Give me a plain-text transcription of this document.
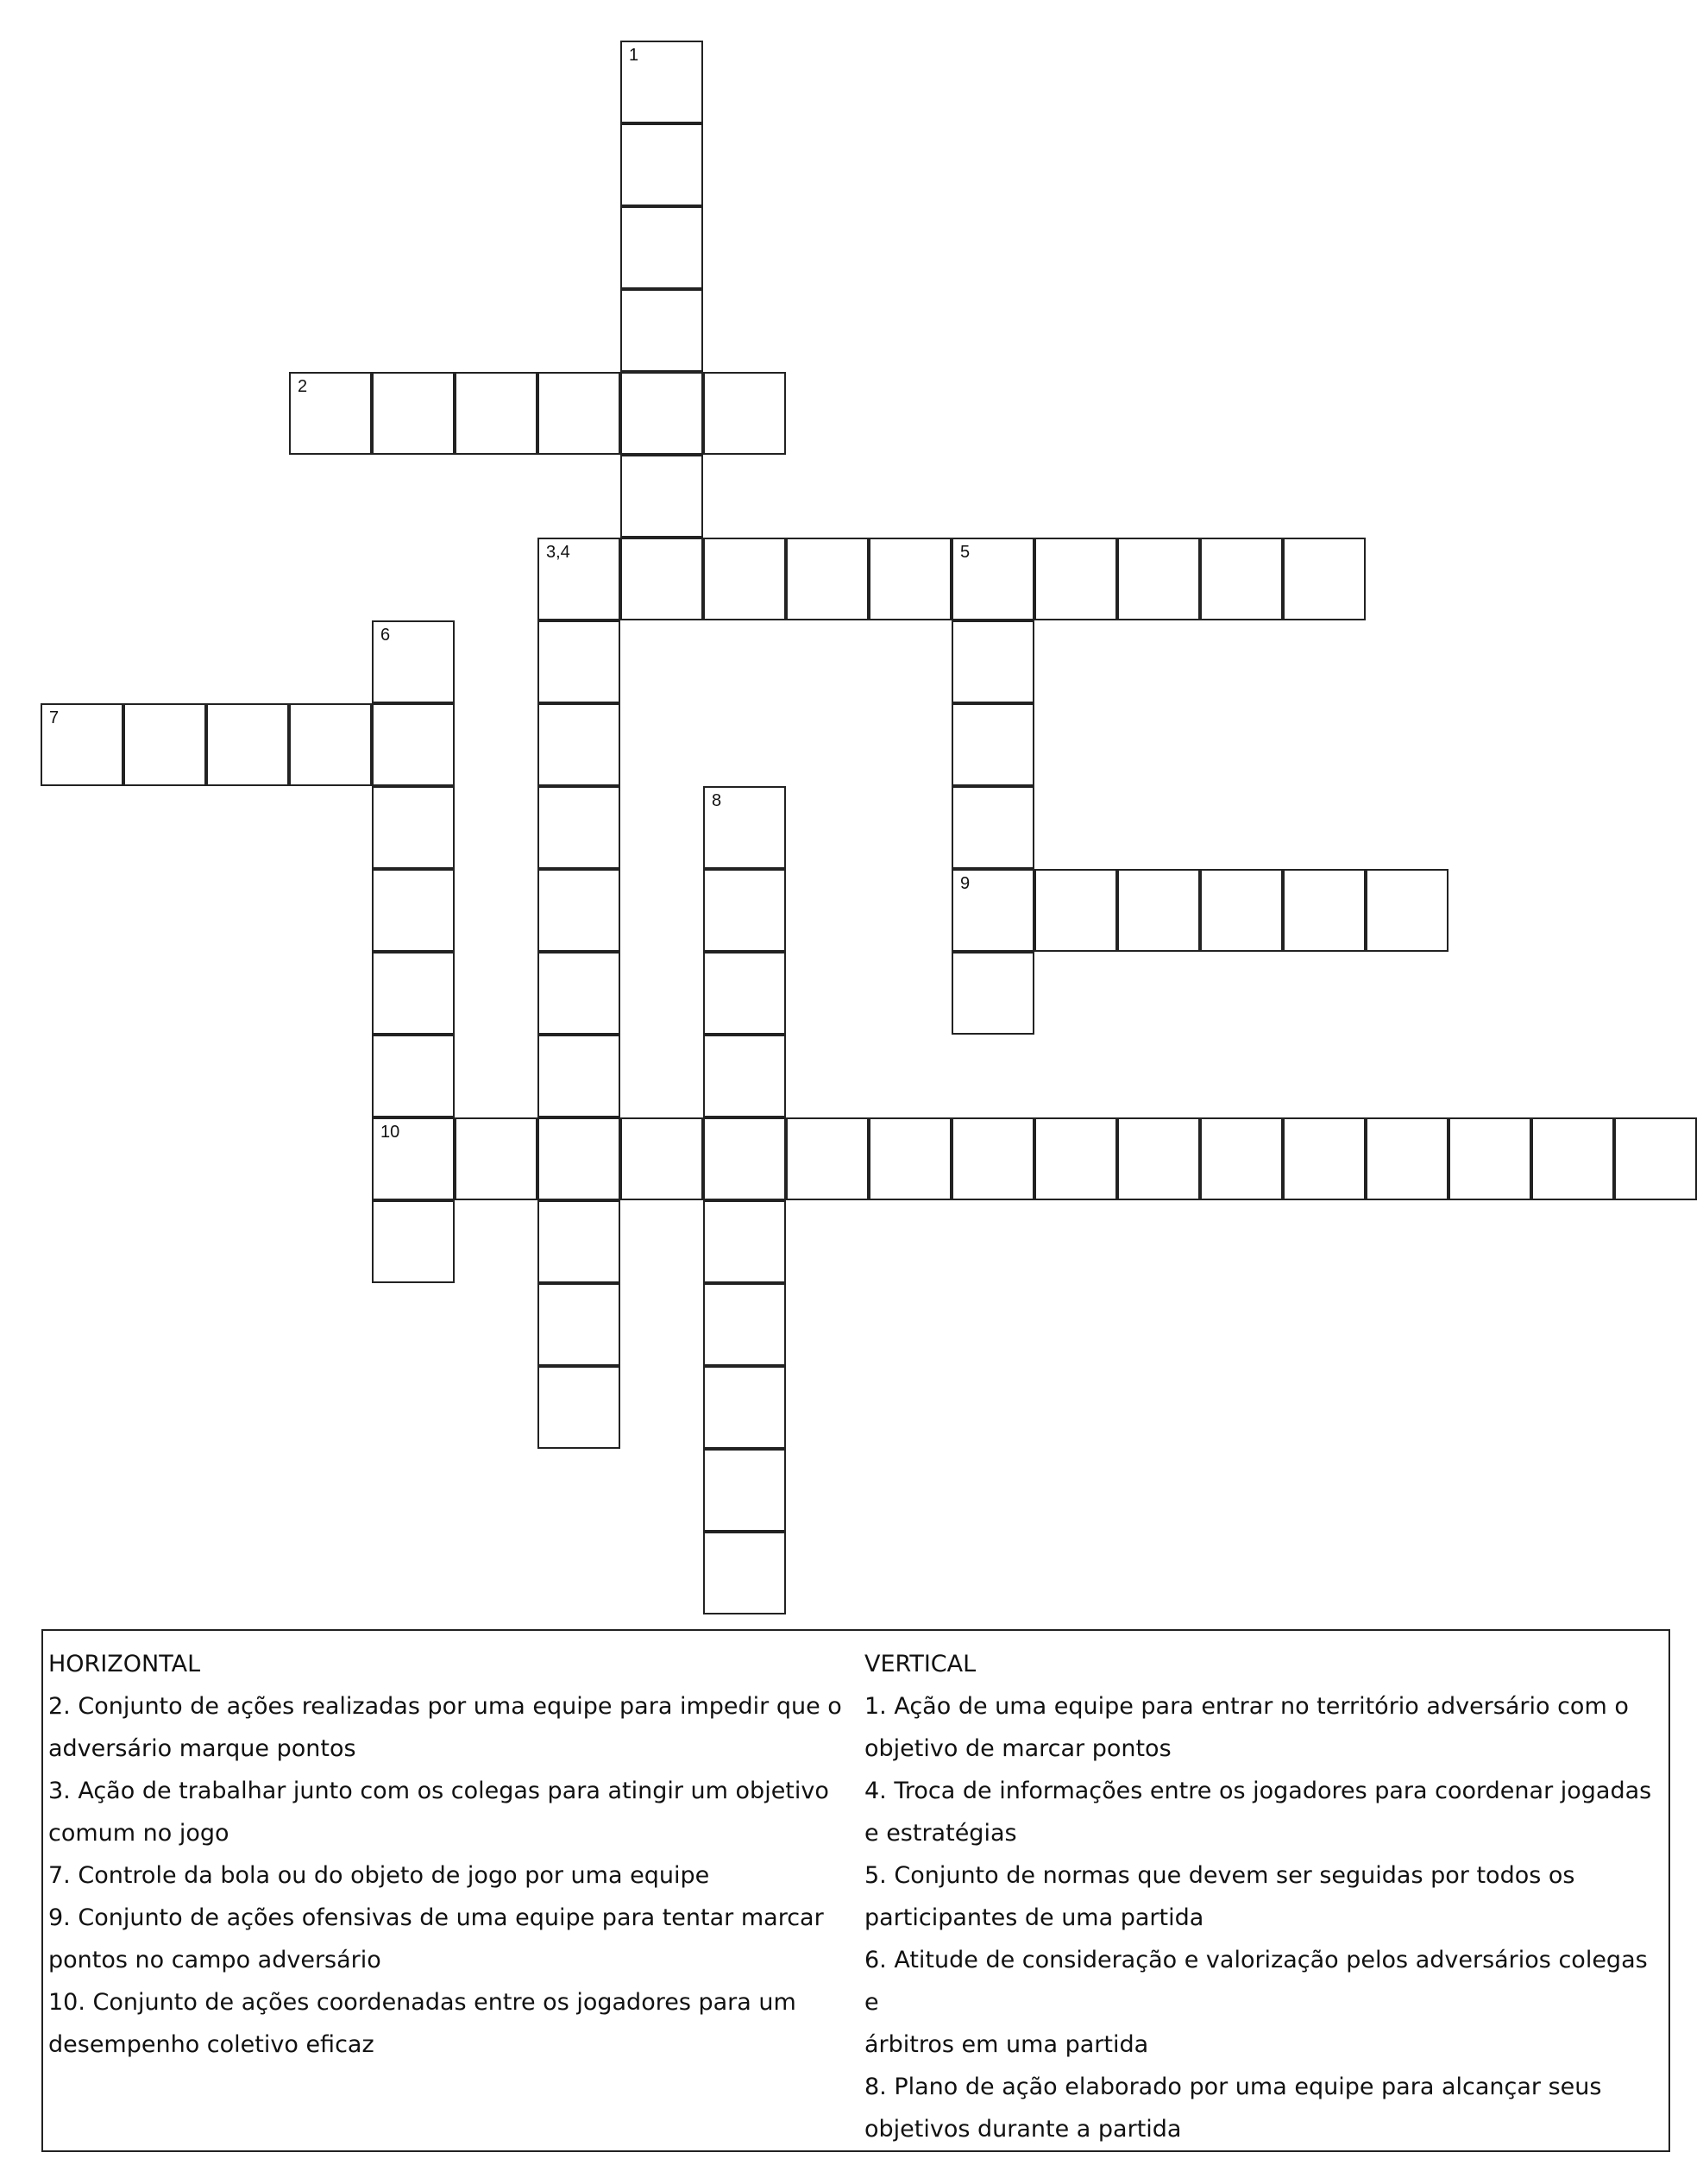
1
2
3,4	5
9
6
10
7
8
HORIZONTAL
2. Conjunto de ações realizadas por uma equipe para impedir que o
adversário marque pontos
3. Ação de trabalhar junto com os colegas para atingir um objetivo
comum no jogo
7. Controle da bola ou do objeto de jogo por uma equipe
9. Conjunto de ações ofensivas de uma equipe para tentar marcar
pontos no campo adversário
10. Conjunto de ações coordenadas entre os jogadores para um
desempenho coletivo eficaz
VERTICAL
1. Ação de uma equipe para entrar no território adversário com o
objetivo de marcar pontos
4. Troca de informações entre os jogadores para coordenar jogadas
e estratégias
5. Conjunto de normas que devem ser seguidas por todos os
participantes de uma partida
6. Atitude de consideração e valorização pelos adversários colegas e
árbitros em uma partida
8. Plano de ação elaborado por uma equipe para alcançar seus
objetivos durante a partida
